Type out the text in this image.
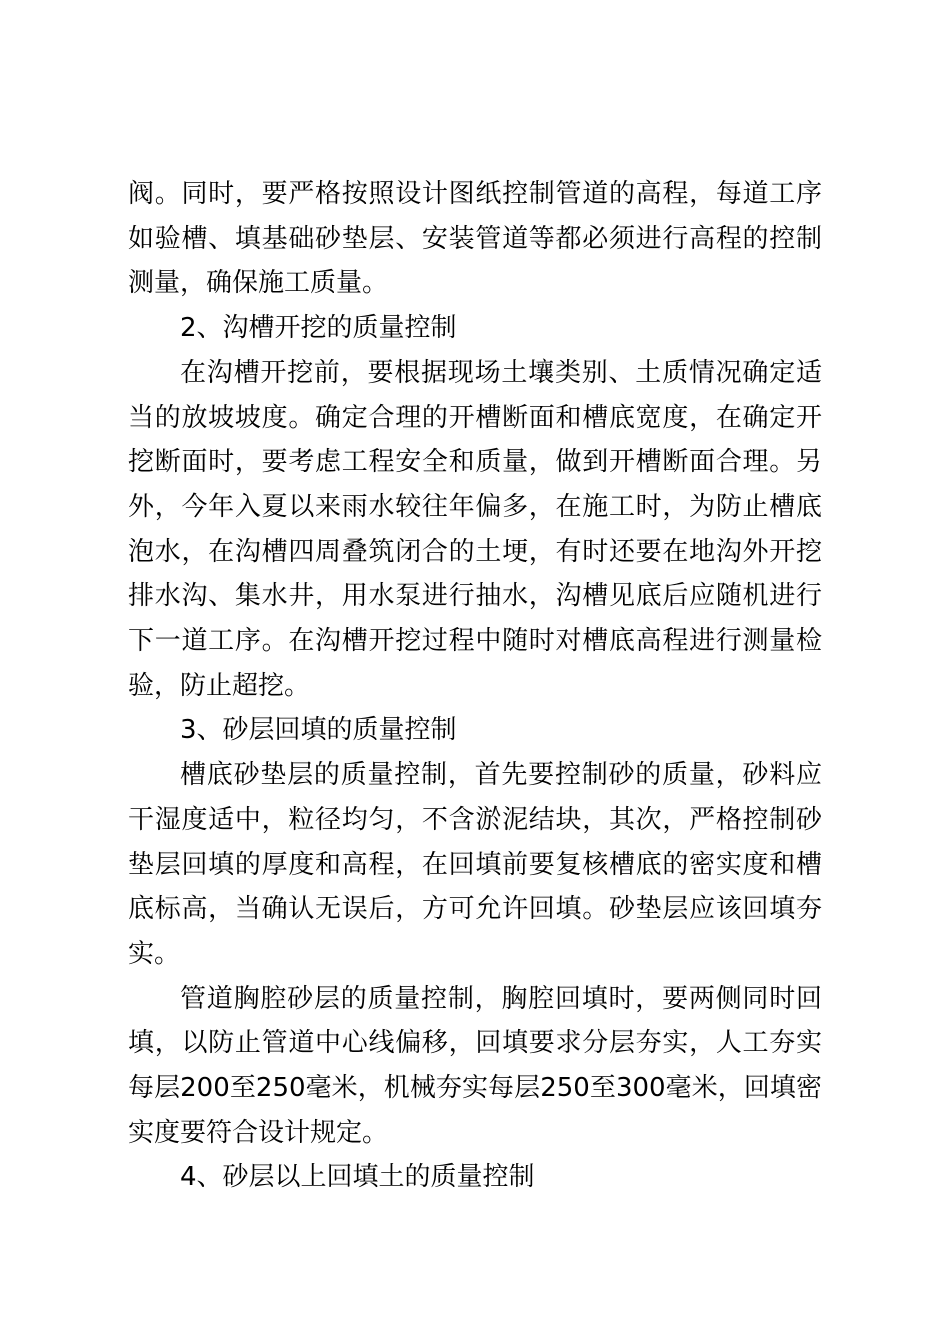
阀。同时，要严格按照设计图纸控制管道的高程，每道工序如验槽、填基础砂垫层、安装管道等都必须进行高程的控制测量，确保施工质量。

2、沟槽开挖的质量控制

在沟槽开挖前，要根据现场土壤类别、土质情况确定适当的放坡坡度。确定合理的开槽断面和槽底宽度，在确定开挖断面时，要考虑工程安全和质量，做到开槽断面合理。另外，今年入夏以来雨水较往年偏多，在施工时，为防止槽底泡水，在沟槽四周叠筑闭合的土埂，有时还要在地沟外开挖排水沟、集水井，用水泵进行抽水，沟槽见底后应随机进行下一道工序。在沟槽开挖过程中随时对槽底高程进行测量检验，防止超挖。

3、砂层回填的质量控制

槽底砂垫层的质量控制，首先要控制砂的质量，砂料应干湿度适中，粒径均匀，不含淤泥结块，其次，严格控制砂垫层回填的厚度和高程，在回填前要复核槽底的密实度和槽底标高，当确认无误后，方可允许回填。砂垫层应该回填夯实。

管道胸腔砂层的质量控制，胸腔回填时，要两侧同时回填，以防止管道中心线偏移，回填要求分层夯实，人工夯实每层200至250毫米，机械夯实每层250至300毫米，回填密实度要符合设计规定。

4、砂层以上回填土的质量控制
